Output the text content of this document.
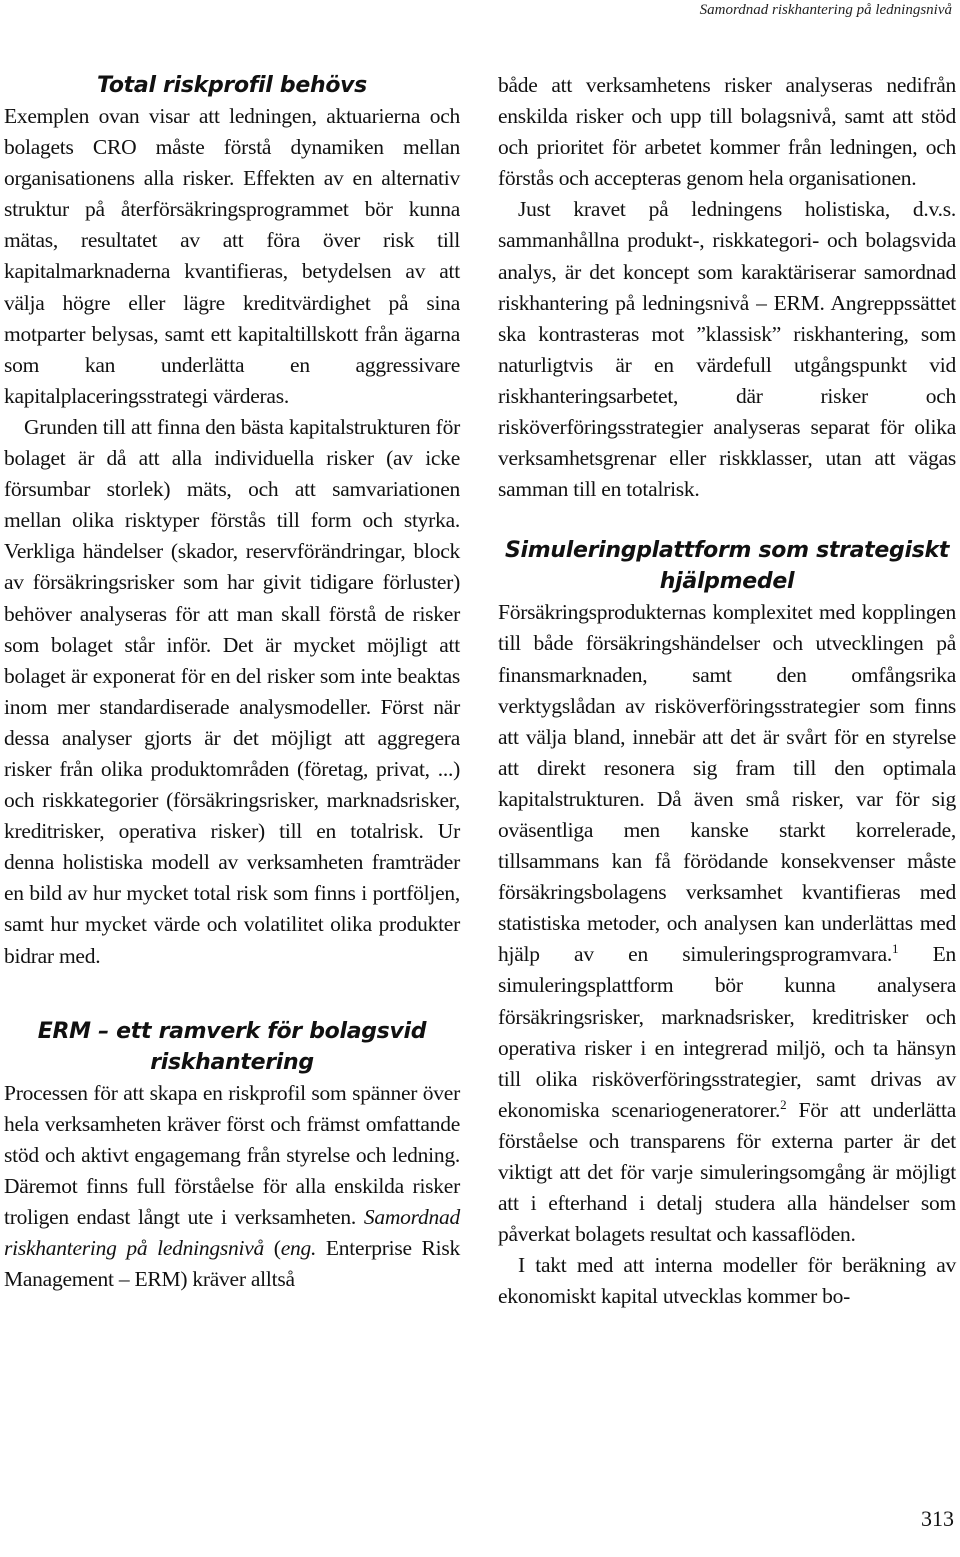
Samordnad riskhantering på ledningsnivå
Total riskprofil behövs

Exemplen ovan visar att ledningen, aktuarierna och bolagets CRO måste förstå dynamiken mellan organisationens alla risker. Effekten av en alternativ struktur på återförsäkringsprogrammet bör kunna mätas, resultatet av att föra över risk till kapitalmarknaderna kvantifieras, betydelsen av att välja högre eller lägre kreditvärdighet på sina motparter belysas, samt ett kapitaltillskott från ägarna som kan underlätta en aggressivare kapitalplaceringsstrategi värderas.

Grunden till att finna den bästa kapitalstrukturen för bolaget är då att alla individuella risker (av icke försumbar storlek) mäts, och att samvariationen mellan olika risktyper förstås till form och styrka. Verkliga händelser (skador, reservförändringar, block av försäkringsrisker som har givit tidigare förluster) behöver analyseras för att man skall förstå de risker som bolaget står inför. Det är mycket möjligt att bolaget är exponerat för en del risker som inte beaktas inom mer standardiserade analysmodeller. Först när dessa analyser gjorts är det möjligt att aggregera risker från olika produktområden (företag, privat, ...) och riskkategorier (försäkringsrisker, marknadsrisker, kreditrisker, operativa risker) till en totalrisk. Ur denna holistiska modell av verksamheten framträder en bild av hur mycket total risk som finns i portföljen, samt hur mycket värde och volatilitet olika produkter bidrar med.

ERM – ett ramverk för bolagsvid riskhantering

Processen för att skapa en riskprofil som spänner över hela verksamheten kräver först och främst omfattande stöd och aktivt engagemang från styrelse och ledning. Däremot finns full förståelse för alla enskilda risker troligen endast långt ute i verksamheten. Samordnad riskhantering på ledningsnivå (eng. Enterprise Risk Management – ERM) kräver alltså

både att verksamhetens risker analyseras nedifrån enskilda risker och upp till bolagsnivå, samt att stöd och prioritet för arbetet kommer från ledningen, och förstås och accepteras genom hela organisationen.

Just kravet på ledningens holistiska, d.v.s. sammanhållna produkt-, riskkategori- och bolagsvida analys, är det koncept som karaktäriserar samordnad riskhantering på ledningsnivå – ERM. Angreppssättet ska kontrasteras mot ”klassisk” riskhantering, som naturligtvis är en värdefull utgångspunkt vid riskhanteringsarbetet, där risker och risköverföringsstrategier analyseras separat för olika verksamhetsgrenar eller riskklasser, utan att vägas samman till en totalrisk.

Simuleringplattform som strategiskt hjälpmedel

Försäkringsprodukternas komplexitet med kopplingen till både försäkringshändelser och utvecklingen på finansmarknaden, samt den omfångsrika verktygslådan av risköverföringsstrategier som finns att välja bland, innebär att det är svårt för en styrelse att direkt resonera sig fram till den optimala kapitalstrukturen. Då även små risker, var för sig oväsentliga men kanske starkt korrelerade, tillsammans kan få förödande konsekvenser måste försäkringsbolagens verksamhet kvantifieras med statistiska metoder, och analysen kan underlättas med hjälp av en simuleringsprogramvara.$^1$ En simuleringsplattform bör kunna analysera försäkringsrisker, marknadsrisker, kreditrisker och operativa risker i en integrerad miljö, och ta hänsyn till olika risköverföringsstrategier, samt drivas av ekonomiska scenariogeneratorer.$^2$ För att underlätta förståelse och transparens för externa parter är det viktigt att det för varje simuleringsomgång är möjligt att i efterhand i detalj studera alla händelser som påverkat bolagets resultat och kassaflöden.

I takt med att interna modeller för beräkning av ekonomiskt kapital utvecklas kommer bo-

313
